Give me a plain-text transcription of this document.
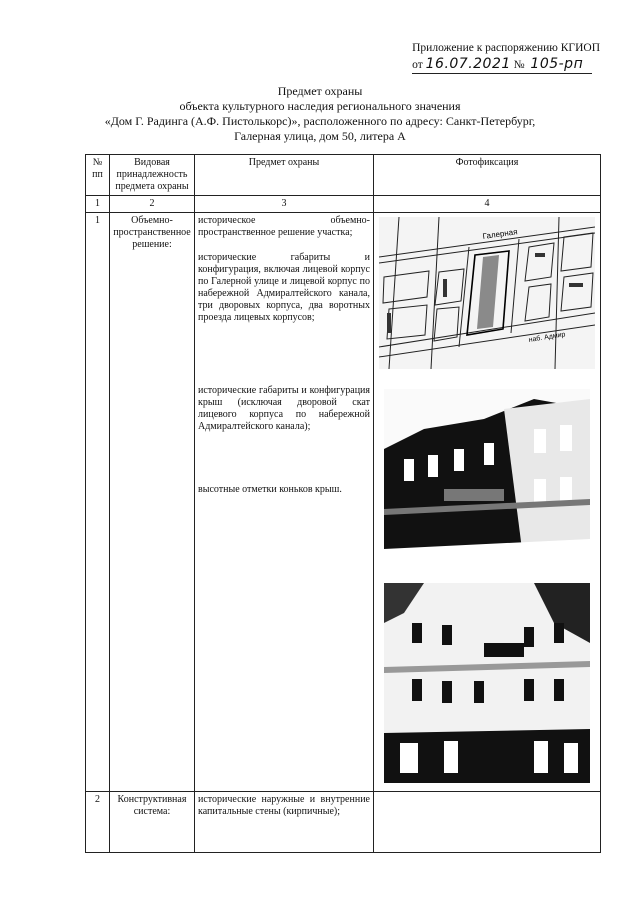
Приложение к распоряжению КГИОП
от 16.07.2021 № 105-рп
Предмет охраны
объекта культурного наследия регионального значения
«Дом Г. Радинга (А.Ф. Пистолькорс)», расположенного по адресу: Санкт-Петербург,
Галерная улица, дом 50, литера А
№ пп	Видовая принадлежность предмета охраны	Предмет охраны	Фотофиксация
1	2	3	4
1	Объемно-пространственное решение:	историческое объемно-пространственное решение участка;
исторические габариты и конфигурация, включая лицевой корпус по Галерной улице и лицевой корпус по набережной Адмиралтейского канала, три дворовых корпуса, два воротных проезда лицевых корпусов;
исторические габариты и конфигурация крыш (исключая дворовой скат лицевого корпуса по набережной Адмиралтейского канала);
высотные отметки коньков крыш.	Галерная
наб. Адмир

2	Конструктивная система:	исторические наружные и внутренние капитальные стены (кирпичные);	
